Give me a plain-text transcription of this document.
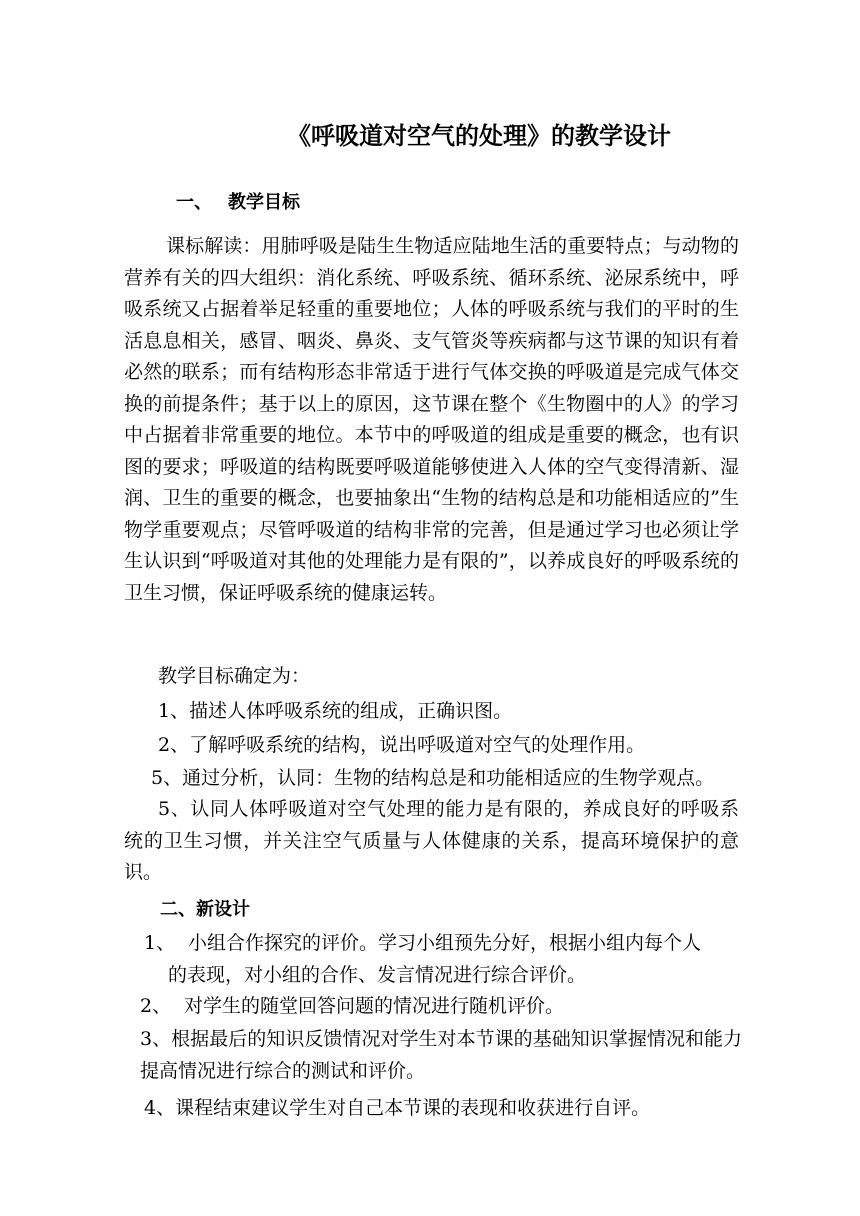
《呼吸道对空气的处理》的教学设计
一、 教学目标

课标解读：用肺呼吸是陆生生物适应陆地生活的重要特点；与动物的营养有关的四大组织：消化系统、呼吸系统、循环系统、泌尿系统中，呼吸系统又占据着举足轻重的重要地位；人体的呼吸系统与我们的平时的生活息息相关，感冒、咽炎、鼻炎、支气管炎等疾病都与这节课的知识有着必然的联系；而有结构形态非常适于进行气体交换的呼吸道是完成气体交换的前提条件；基于以上的原因，这节课在整个《生物圈中的人》的学习中占据着非常重要的地位。本节中的呼吸道的组成是重要的概念，也有识图的要求；呼吸道的结构既要呼吸道能够使进入人体的空气变得清新、湿润、卫生的重要的概念，也要抽象出“生物的结构总是和功能相适应的”生物学重要观点；尽管呼吸道的结构非常的完善，但是通过学习也必须让学生认识到“呼吸道对其他的处理能力是有限的”，以养成良好的呼吸系统的卫生习惯，保证呼吸系统的健康运转。

教学目标确定为：

1、描述人体呼吸系统的组成，正确识图。

2、了解呼吸系统的结构，说出呼吸道对空气的处理作用。

5、通过分析，认同：生物的结构总是和功能相适应的生物学观点。

5、认同人体呼吸道对空气处理的能力是有限的，养成良好的呼吸系统的卫生习惯，并关注空气质量与人体健康的关系，提高环境保护的意识。

二、新设计
1、 小组合作探究的评价。学习小组预先分好，根据小组内每个人
的表现，对小组的合作、发言情况进行综合评价。
2、 对学生的随堂回答问题的情况进行随机评价。

3、根据最后的知识反馈情况对学生对本节课的基础知识掌握情况和能力提高情况进行综合的测试和评价。

4、课程结束建议学生对自己本节课的表现和收获进行自评。
